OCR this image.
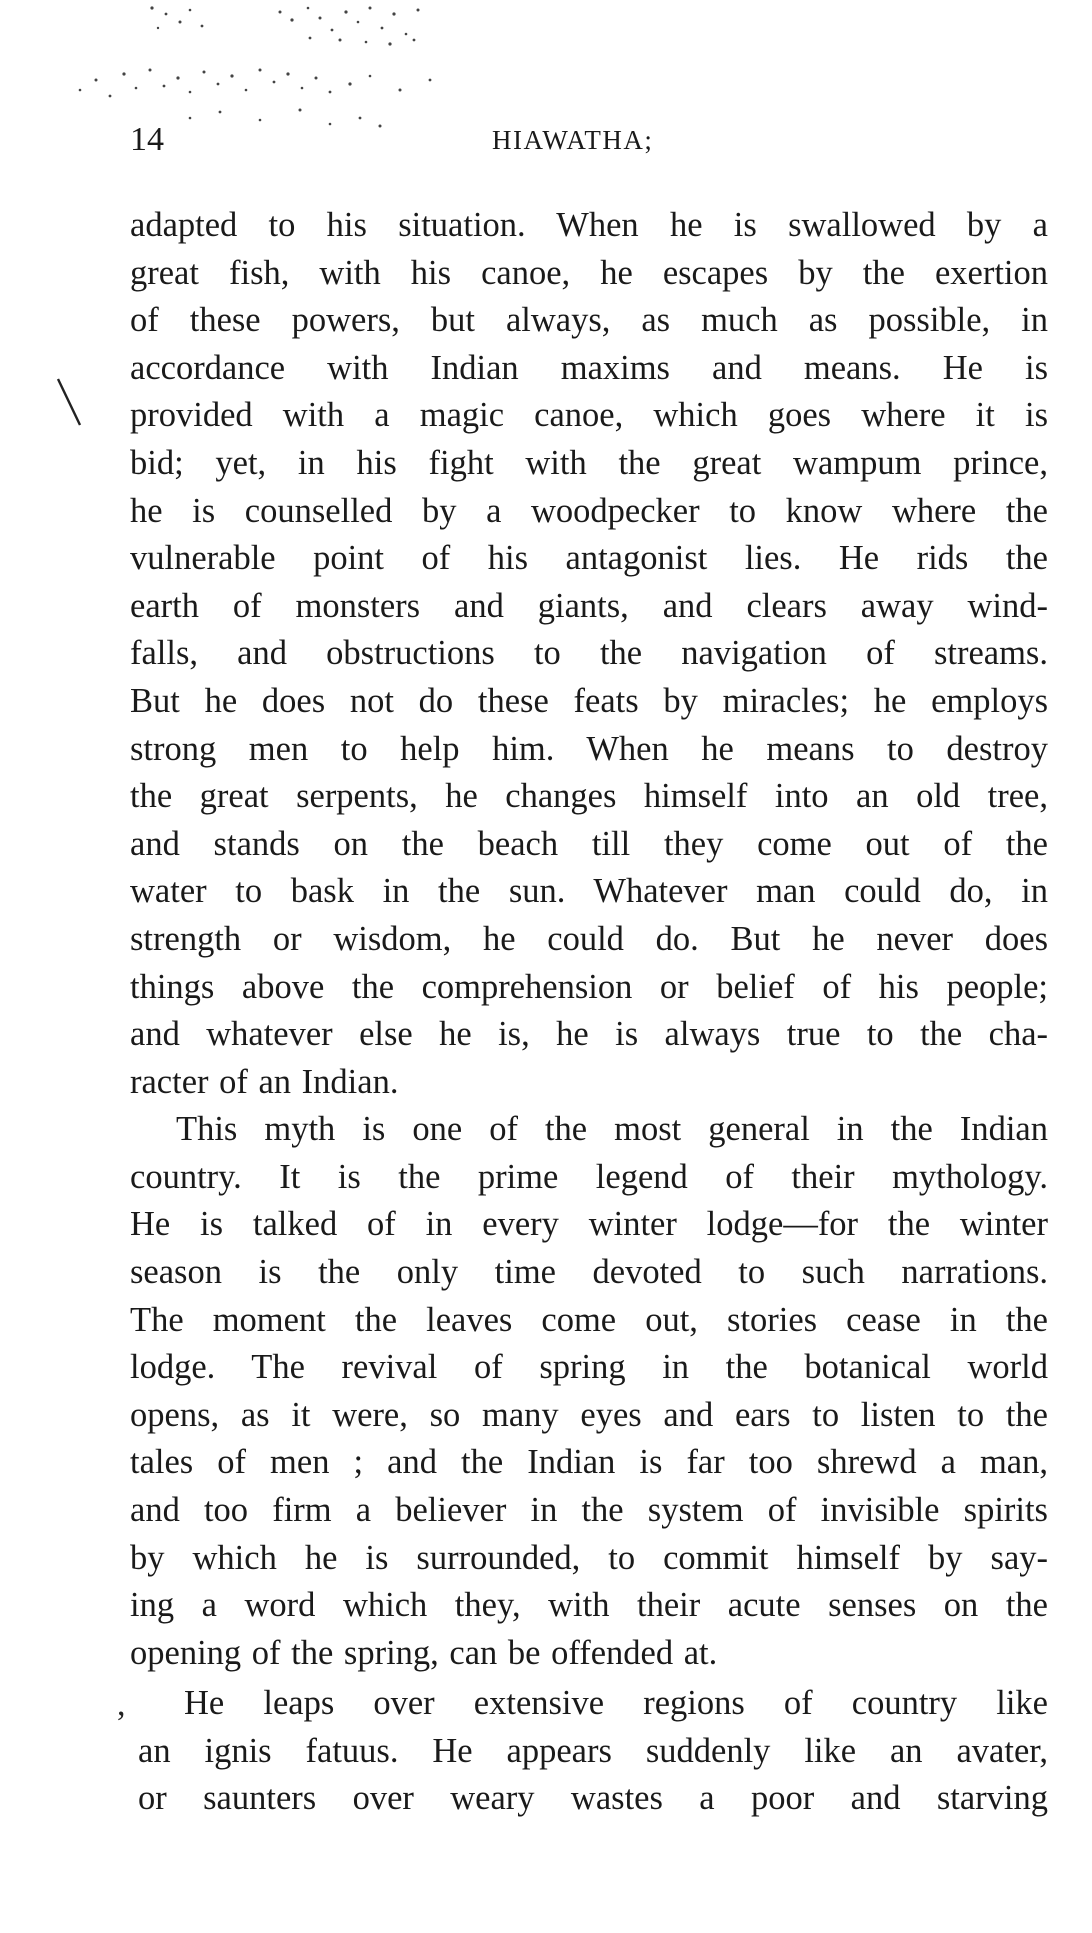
14	HIAWATHA;
adapted to his situation. When he is swallowed by a
great fish, with his canoe, he escapes by the exertion
of these powers, but always, as much as possible, in
accordance with Indian maxims and means. He is
provided with a magic canoe, which goes where it is
bid; yet, in his fight with the great wampum prince,
he is counselled by a woodpecker to know where the
vulnerable point of his antagonist lies. He rids the
earth of monsters and giants, and clears away wind-
falls, and obstructions to the navigation of streams.
But he does not do these feats by miracles; he employs
strong men to help him. When he means to destroy
the great serpents, he changes himself into an old tree,
and stands on the beach till they come out of the
water to bask in the sun. Whatever man could do, in
strength or wisdom, he could do. But he never does
things above the comprehension or belief of his people;
and whatever else he is, he is always true to the cha-
racter of an Indian.
This myth is one of the most general in the Indian
country. It is the prime legend of their mythology.
He is talked of in every winter lodge—for the winter
season is the only time devoted to such narrations.
The moment the leaves come out, stories cease in the
lodge. The revival of spring in the botanical world
opens, as it were, so many eyes and ears to listen to the
tales of men ; and the Indian is far too shrewd a man,
and too firm a believer in the system of invisible spirits
by which he is surrounded, to commit himself by say-
ing a word which they, with their acute senses on the
opening of the spring, can be offended at.
,	He leaps over extensive regions of country like
an ignis fatuus. He appears suddenly like an avater,
or saunters over weary wastes a poor and starving
